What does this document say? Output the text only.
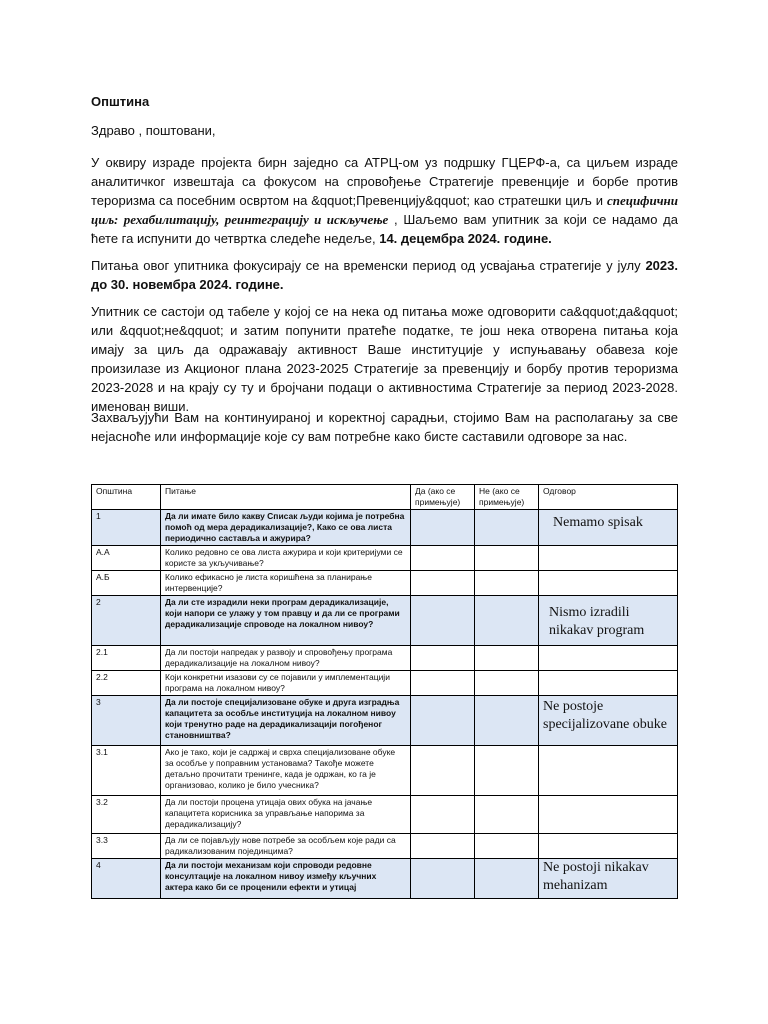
Општина
Здраво , поштовани,
У оквиру израде пројекта бирн заједно са АТРЦ-ом уз подршку ГЦЕРФ-а, са циљем израде аналитичког извештаја са фокусом на спровођење Стратегије превенције и борбе против тероризма са посебним освртом на &qquot;Превенцију&qquot; као стратешки циљ и специфични циљ: рехабилитацију, реинтеграцију и искључење , Шаљемо вам упитник за који се надамо да ћете га испунити до четвртка следеће недеље, 14. децембра 2024. године.
Питања овог упитника фокусирају се на временски период од усвајања стратегије у јулу 2023. до 30. новембра 2024. године.
Упитник се састоји од табеле у којој се на нека од питања може одговорити са&qquot;да&qquot; или &qquot;не&qquot; и затим попунити пратеће податке, те још нека отворена питања која имају за циљ да одражавају активност Ваше институције у испуњавању обавеза које произилазе из Акционог плана 2023-2025 Стратегије за превенцију и борбу против тероризма 2023-2028 и на крају су ту и бројчани подаци о активностима Стратегије за период 2023-2028. именован виши.
Захваљујући Вам на континуираној и коректној сарадњи, стојимо Вам на располагању за све нејасноће или информације које су вам потребне како бисте саставили одговоре за нас.
Општина	Питање	Да (ако се примењује)	Не (ако се примењује)	Одговор
1	Да ли имате било какву Списак људи којима је потребна помоћ од мера дерадикализације?, Како се ова листа периодично саставља и ажурира?			Nemamo spisak
А.А	Колико редовно се ова листа ажурира и који критеријуми се користе за укључивање?			
А.Б	Колико ефикасно је листа коришћена за планирање интервенције?			
2	Да ли сте израдили неки програм дерадикализације, који напори се улажу у том правцу и да ли се програми дерадикализације спроводе на локалном нивоу?			Nismo izradili nikakav program
2.1	Да ли постоји напредак у развоју и спровођењу програма дерадикализације на локалном нивоу?			
2.2	Који конкретни изазови су се појавили у имплементацији програма на локалном нивоу?			
3	Да ли постоје специјализоване обуке и друга изградња капацитета за особље институција на локалном нивоу који тренутно раде на дерадикализацији погођеног становништва?			Ne postoje specijalizovane obuke
3.1	Ако је тако, који је садржај и сврха специјализоване обуке за особље у поправним установама? Такође можете детаљно прочитати тренинге, када је одржан, ко га је организовао, колико је било учесника?			
3.2	Да ли постоји процена утицаја ових обука на јачање капацитета корисника за управљање напорима за дерадикализацију?			
3.3	Да ли се појављују нове потребе за особљем које ради са радикализованим појединцима?			
4	Да ли постоји механизам који спроводи редовне консултације на локалном нивоу између кључних актера како би се проценили ефекти и утицај			Ne postoji nikakav mehanizam
